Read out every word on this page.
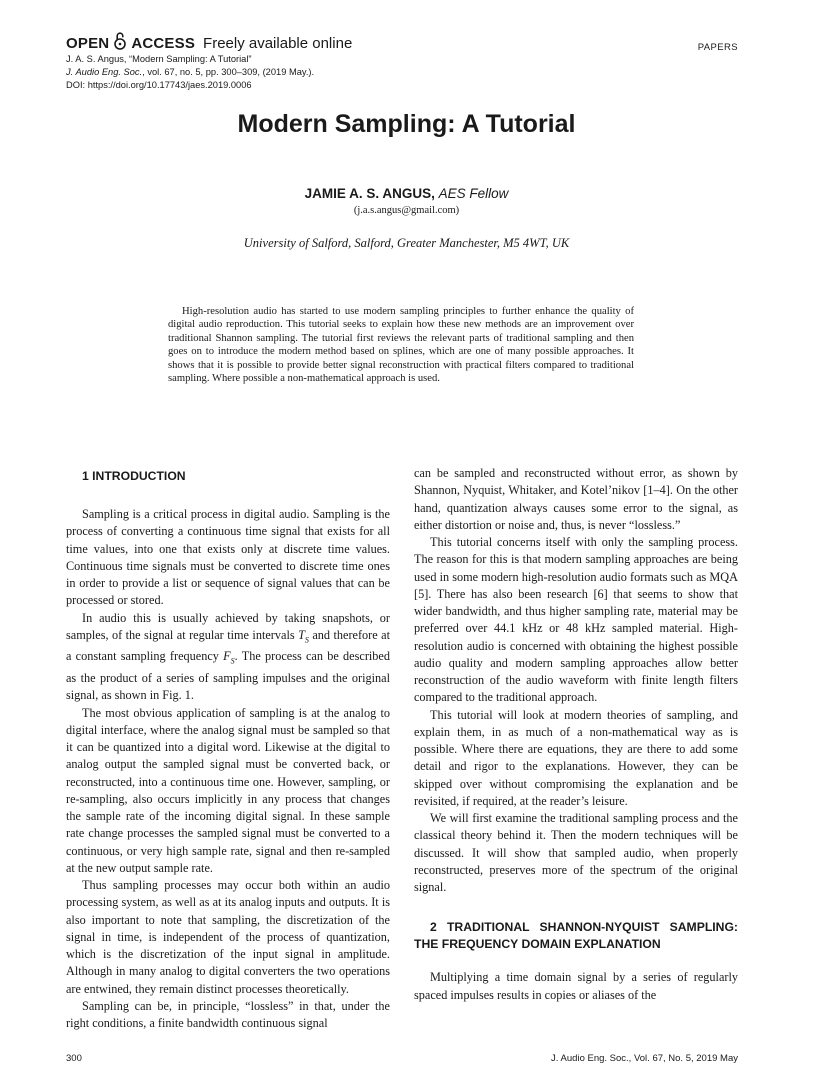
OPEN ACCESS Freely available online	PAPERS
J. A. S. Angus, “Modern Sampling: A Tutorial”
J. Audio Eng. Soc., vol. 67, no. 5, pp. 300–309, (2019 May.).
DOI: https://doi.org/10.17743/jaes.2019.0006
Modern Sampling: A Tutorial
JAMIE A. S. ANGUS, AES Fellow
(j.a.s.angus@gmail.com)
University of Salford, Salford, Greater Manchester, M5 4WT, UK

High-resolution audio has started to use modern sampling principles to further enhance the quality of digital audio reproduction. This tutorial seeks to explain how these new methods are an improvement over traditional Shannon sampling. The tutorial first reviews the relevant parts of traditional sampling and then goes on to introduce the modern method based on splines, which are one of many possible approaches. It shows that it is possible to provide better signal reconstruction with practical filters compared to traditional sampling. Where possible a non-mathematical approach is used.

1 INTRODUCTION

Sampling is a critical process in digital audio. Sampling is the process of converting a continuous time signal that exists for all time values, into one that exists only at discrete time values. Continuous time signals must be converted to discrete time ones in order to provide a list or sequence of signal values that can be processed or stored.

In audio this is usually achieved by taking snapshots, or samples, of the signal at regular time intervals $T_S$ and therefore at a constant sampling frequency $F_S$. The process can be described as the product of a series of sampling impulses and the original signal, as shown in Fig. 1.

The most obvious application of sampling is at the analog to digital interface, where the analog signal must be sampled so that it can be quantized into a digital word. Likewise at the digital to analog output the sampled signal must be converted back, or reconstructed, into a continuous time one. However, sampling, or re-sampling, also occurs implicitly in any process that changes the sample rate of the incoming digital signal. In these sample rate change processes the sampled signal must be converted to a continuous, or very high sample rate, signal and then re-sampled at the new output sample rate.

Thus sampling processes may occur both within an audio processing system, as well as at its analog inputs and outputs. It is also important to note that sampling, the discretization of the signal in time, is independent of the process of quantization, which is the discretization of the input signal in amplitude. Although in many analog to digital converters the two operations are entwined, they remain distinct processes theoretically.

Sampling can be, in principle, “lossless” in that, under the right conditions, a finite bandwidth continuous signal

can be sampled and reconstructed without error, as shown by Shannon, Nyquist, Whitaker, and Kotel’nikov [1–4]. On the other hand, quantization always causes some error to the signal, as either distortion or noise and, thus, is never “lossless.”

This tutorial concerns itself with only the sampling process. The reason for this is that modern sampling approaches are being used in some modern high-resolution audio formats such as MQA [5]. There has also been research [6] that seems to show that wider bandwidth, and thus higher sampling rate, material may be preferred over 44.1 kHz or 48 kHz sampled material. High-resolution audio is concerned with obtaining the highest possible audio quality and modern sampling approaches allow better reconstruction of the audio waveform with finite length filters compared to the traditional approach.

This tutorial will look at modern theories of sampling, and explain them, in as much of a non-mathematical way as is possible. Where there are equations, they are there to add some detail and rigor to the explanations. However, they can be skipped over without compromising the explanation and be revisited, if required, at the reader’s leisure.

We will first examine the traditional sampling process and the classical theory behind it. Then the modern techniques will be discussed. It will show that sampled audio, when properly reconstructed, preserves more of the spectrum of the original signal.

2 TRADITIONAL SHANNON-NYQUIST SAMPLING: THE FREQUENCY DOMAIN EXPLANATION

Multiplying a time domain signal by a series of regularly spaced impulses results in copies or aliases of the

300	J. Audio Eng. Soc., Vol. 67, No. 5, 2019 May
